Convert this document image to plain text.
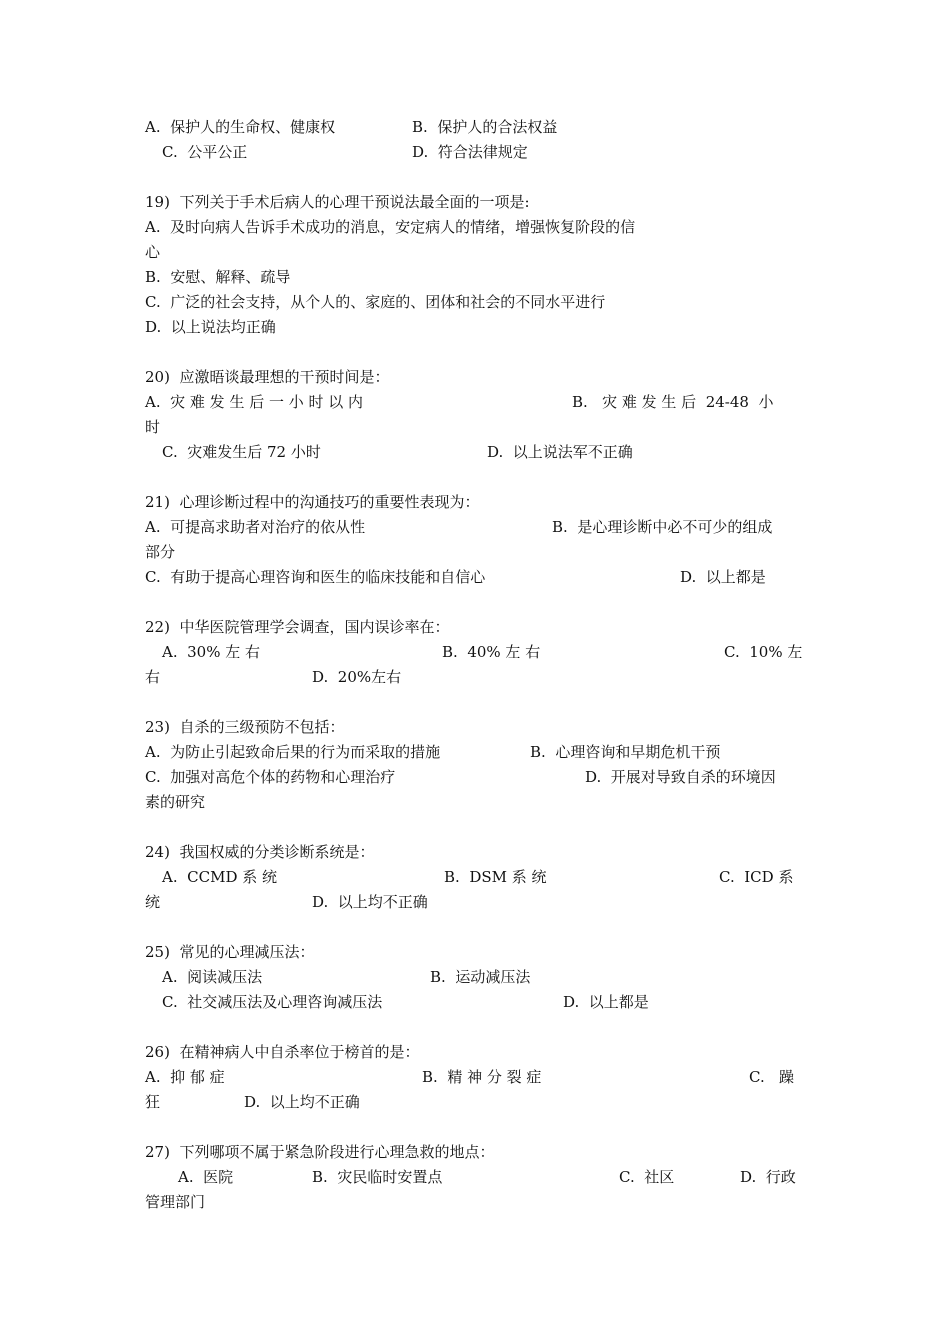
A.  保护人的生命权、健康权	B.  保护人的合法权益
C.  公平公正	D.  符合法律规定
19)  下列关于手术后病人的心理干预说法最全面的一项是:
A.  及时向病人告诉手术成功的消息，安定病人的情绪，增强恢复阶段的信
心
B.  安慰、解释、疏导
C.  广泛的社会支持，从个人的、家庭的、团体和社会的不同水平进行
D.  以上说法均正确
20)  应激晤谈最理想的干预时间是：
A.  灾 难 发 生 后 一 小 时 以 内	B.   灾 难 发 生 后  24-48  小
时
C.  灾难发生后 72 小时	D.  以上说法军不正确
21)  心理诊断过程中的沟通技巧的重要性表现为：
A.  可提高求助者对治疗的依从性	B.  是心理诊断中必不可少的组成
部分
C.  有助于提高心理咨询和医生的临床技能和自信心	D.  以上都是
22)  中华医院管理学会调查，国内误诊率在：
A.  30% 左 右	B.  40% 左 右	C.  10% 左
右	D.  20%左右
23)  自杀的三级预防不包括：
A.  为防止引起致命后果的行为而采取的措施	B.  心理咨询和早期危机干预
C.  加强对高危个体的药物和心理治疗	D.  开展对导致自杀的环境因
素的研究
24)  我国权威的分类诊断系统是：
A.  CCMD 系 统	B.  DSM 系 统	C.  ICD 系
统	D.  以上均不正确
25)  常见的心理减压法：
A.  阅读减压法	B.  运动减压法
C.  社交减压法及心理咨询减压法	D.  以上都是
26)  在精神病人中自杀率位于榜首的是：
A.  抑 郁 症	B.  精 神 分 裂 症	C.   躁
狂	D.  以上均不正确
27)  下列哪项不属于紧急阶段进行心理急救的地点：
A.  医院	B.  灾民临时安置点	C.  社区	D.  行政
管理部门
